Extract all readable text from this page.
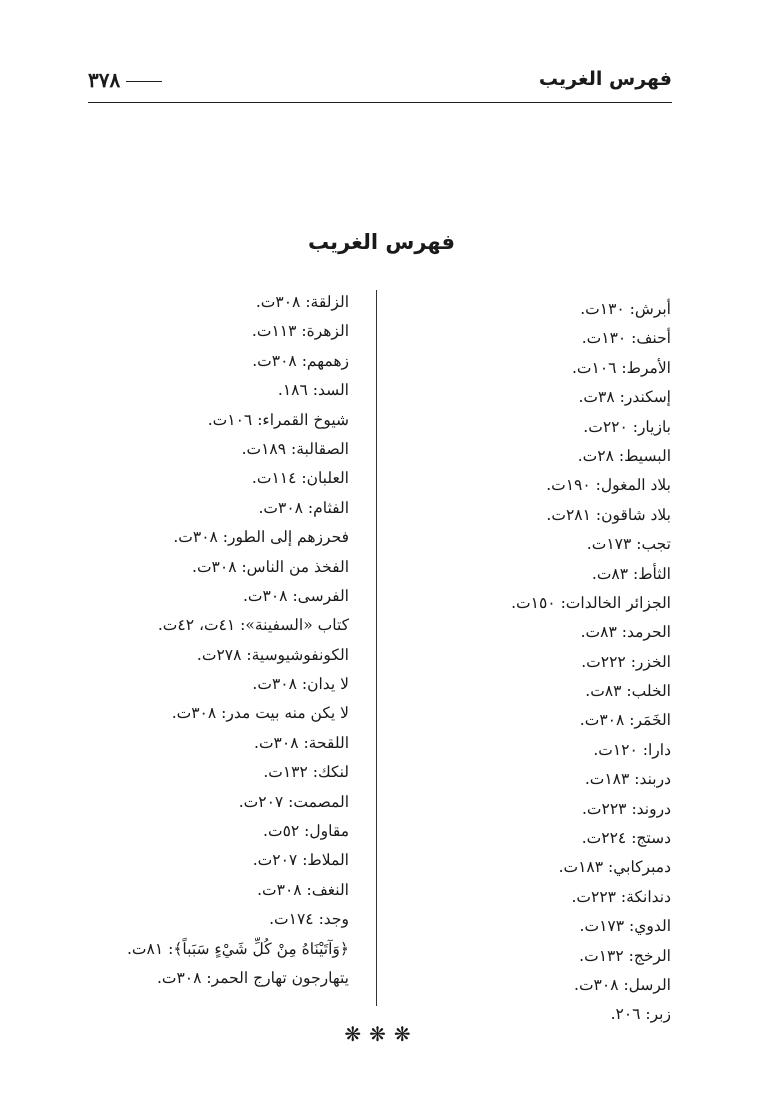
فهرس الغريب
٣٧٨
فهرس الغريب
أبرش: ١٣٠ت.
أحنف: ١٣٠ت.
الأمرط: ١٠٦ت.
إسكندر: ٣٨ت.
بازيار: ٢٢٠ت.
البسيط: ٢٨ت.
بلاد المغول: ١٩٠ت.
بلاد شاقون: ٢٨١ت.
تجب: ١٧٣ت.
الثأط: ٨٣ت.
الجزائر الخالدات: ١٥٠ت.
الحرمد: ٨٣ت.
الخزر: ٢٢٢ت.
الخلب: ٨٣ت.
الخَمَر: ٣٠٨ت.
دارا: ١٢٠ت.
دربند: ١٨٣ت.
دروند: ٢٢٣ت.
دستج: ٢٢٤ت.
دمبركابي: ١٨٣ت.
دندانكة: ٢٢٣ت.
الدوي: ١٧٣ت.
الرخج: ١٣٢ت.
الرسل: ٣٠٨ت.
زبر: ٢٠٦.
الزلقة: ٣٠٨ت.
الزهرة: ١١٣ت.
زهمهم: ٣٠٨ت.
السد: ١٨٦.
شيوخ القمراء: ١٠٦ت.
الصقالبة: ١٨٩ت.
العلبان: ١١٤ت.
الفثام: ٣٠٨ت.
فحرزهم إلى الطور: ٣٠٨ت.
الفخذ من الناس: ٣٠٨ت.
الفرسى: ٣٠٨ت.
كتاب «السفينة»: ٤١ت، ٤٢ت.
الكونفوشيوسية: ٢٧٨ت.
لا يدان: ٣٠٨ت.
لا يكن منه بيت مدر: ٣٠٨ت.
اللقحة: ٣٠٨ت.
لنكك: ١٣٢ت.
المصمت: ٢٠٧ت.
مقاول: ٥٢ت.
الملاط: ٢٠٧ت.
النغف: ٣٠٨ت.
وجد: ١٧٤ت.
﴿وَآتَيْنَاهُ مِنْ كُلِّ شَيْءٍ سَبَباً﴾: ٨١ت.
يتهارجون تهارج الحمر: ٣٠٨ت.
❋❋❋
